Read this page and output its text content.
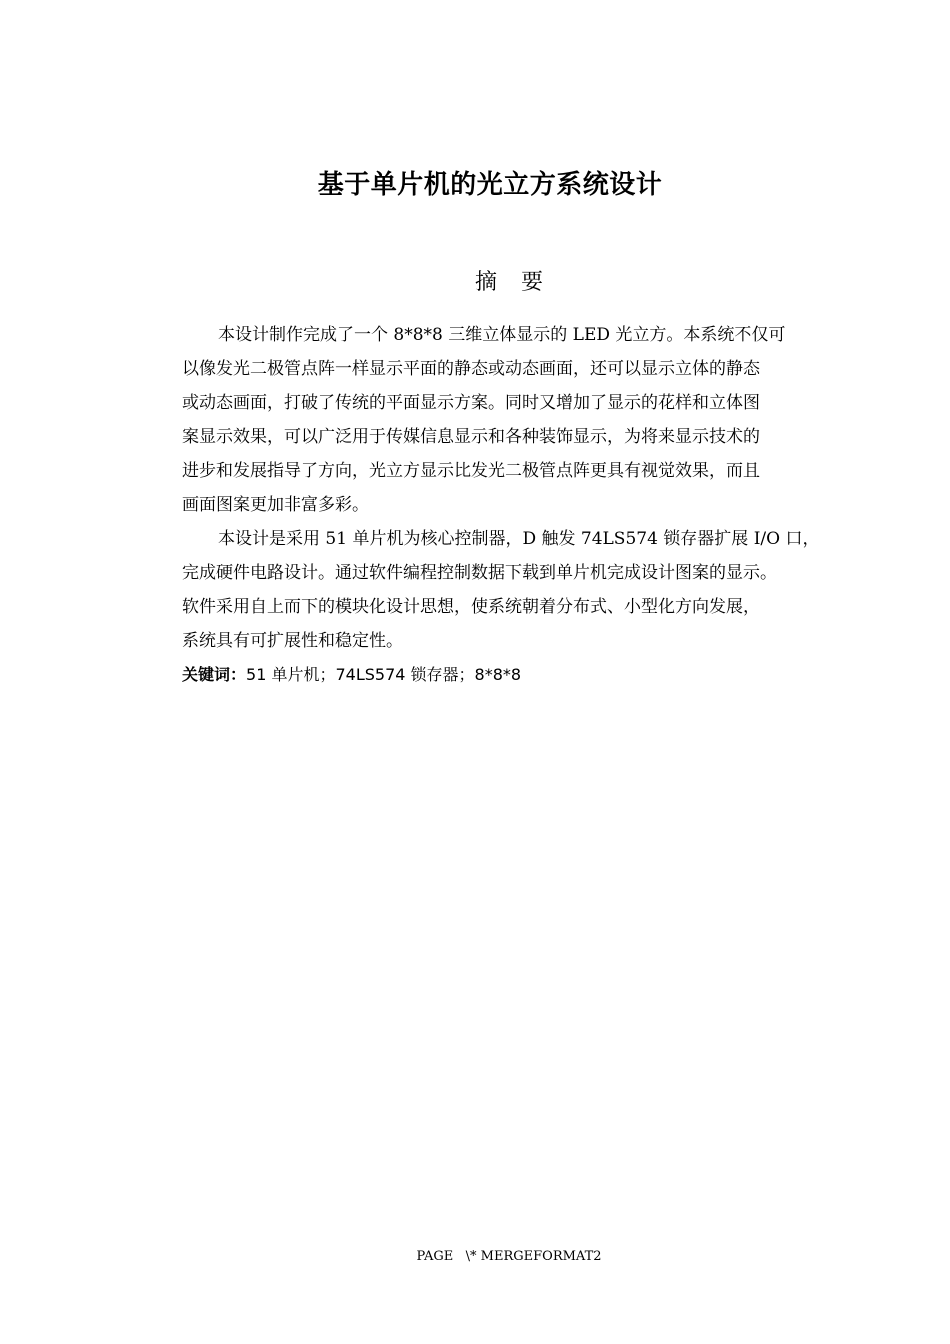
基于单片机的光立方系统设计
摘 要

本设计制作完成了一个 8*8*8 三维立体显示的 LED 光立方。本系统不仅可
以像发光二极管点阵一样显示平面的静态或动态画面，还可以显示立体的静态
或动态画面，打破了传统的平面显示方案。同时又增加了显示的花样和立体图
案显示效果，可以广泛用于传媒信息显示和各种装饰显示，为将来显示技术的
进步和发展指导了方向，光立方显示比发光二极管点阵更具有视觉效果，而且
画面图案更加非富多彩。

本设计是采用 51 单片机为核心控制器，D 触发 74LS574 锁存器扩展 I/O 口，
完成硬件电路设计。通过软件编程控制数据下载到单片机完成设计图案的显示。
软件采用自上而下的模块化设计思想，使系统朝着分布式、小型化方向发展，
系统具有可扩展性和稳定性。

关键词：51 单片机；74LS574 锁存器；8*8*8

PAGE   \* MERGEFORMAT2
